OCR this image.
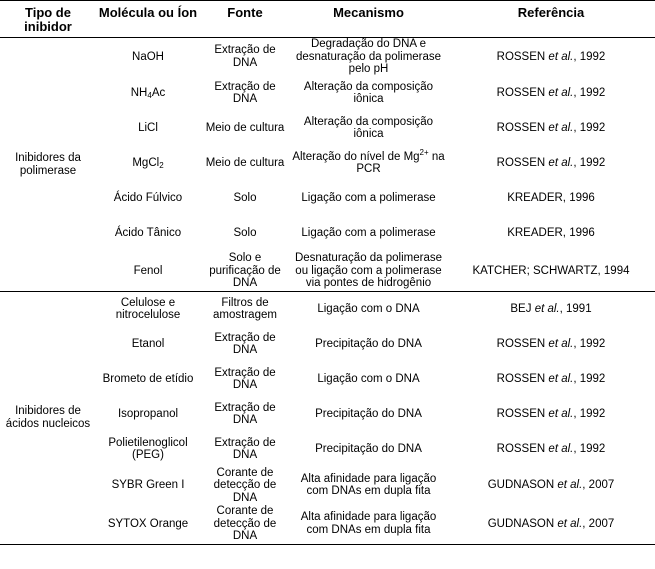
Tipo de inibidor	Molécula ou Íon	Fonte	Mecanismo	Referência
Inibidores da polimerase	NaOH	Extração de DNA	Degradação do DNA e desnaturação da polimerase pelo pH	ROSSEN et al., 1992
	$NH_4Ac$	Extração de DNA	Alteração da composição iônica	ROSSEN et al., 1992
	LiCl	Meio de cultura	Alteração da composição iônica	ROSSEN et al., 1992
	MgCl$_2$	Meio de cultura	Alteração do nível de $Mg^{2+}$ na PCR	ROSSEN et al., 1992
	Ácido Fúlvico	Solo	Ligação com a polimerase	KREADER, 1996
	Ácido Tânico	Solo	Ligação com a polimerase	KREADER, 1996
	Fenol	Solo e purificação de DNA	Desnaturação da polimerase ou ligação com a polimerase via pontes de hidrogênio	KATCHER; SCHWARTZ, 1994
Inibidores de ácidos nucleicos	Celulose e nitrocelulose	Filtros de amostragem	Ligação com o DNA	BEJ et al., 1991
	Etanol	Extração de DNA	Precipitação do DNA	ROSSEN et al., 1992
	Brometo de etídio	Extração de DNA	Ligação com o DNA	ROSSEN et al., 1992
	Isopropanol	Extração de DNA	Precipitação do DNA	ROSSEN et al., 1992
	Polietilenoglicol (PEG)	Extração de DNA	Precipitação do DNA	ROSSEN et al., 1992
	SYBR Green I	Corante de detecção de DNA	Alta afinidade para ligação com DNAs em dupla fita	GUDNASON et al., 2007
	SYTOX Orange	Corante de detecção de DNA	Alta afinidade para ligação com DNAs em dupla fita	GUDNASON et al., 2007
